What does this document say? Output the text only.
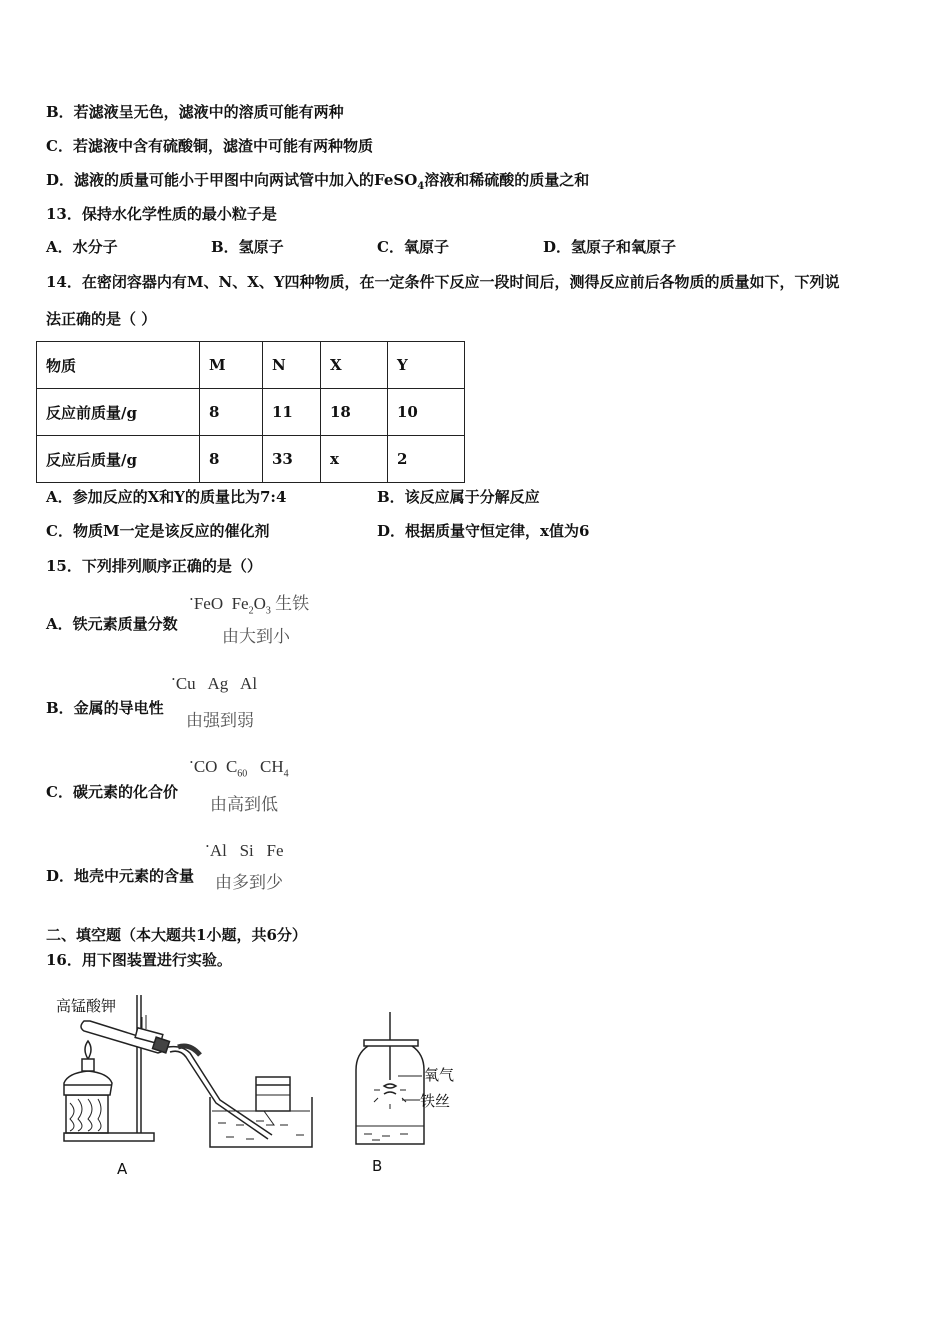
B．若滤液呈无色，滤液中的溶质可能有两种
C．若滤液中含有硫酸铜，滤渣中可能有两种物质
D．滤液的质量可能小于甲图中向两试管中加入的FeSO$_4$溶液和稀硫酸的质量之和
13．保持水化学性质的最小粒子是
A．水分子	B．氢原子	C．氧原子	D．氢原子和氧原子
14．在密闭容器内有M、N、X、Y四种物质，在一定条件下反应一段时间后，测得反应前后各物质的质量如下，下列说
法正确的是（ ）
物质	M	N	X	Y
反应前质量/g	8	11	18	10
反应后质量/g	8	33	x	2
A．参加反应的X和Y的质量比为7:4	B．该反应属于分解反应
C．物质M一定是该反应的催化剂	D．根据质量守恒定律，x值为6
15．下列排列顺序正确的是（）
A．铁元素质量分数
•FeO $Fe_2O_3$ 生铁
由大到小
B．金属的导电性
•Cu   Ag   Al
由强到弱
C．碳元素的化合价
•CO $C_{60}$ $CH_4$
由高到低
D．地壳中元素的含量
•Al   Si   Fe
由多到少
二、填空题（本大题共1小题，共6分）
16．用下图装置进行实验。
高锰酸钾
A
氧气
铁丝
B
